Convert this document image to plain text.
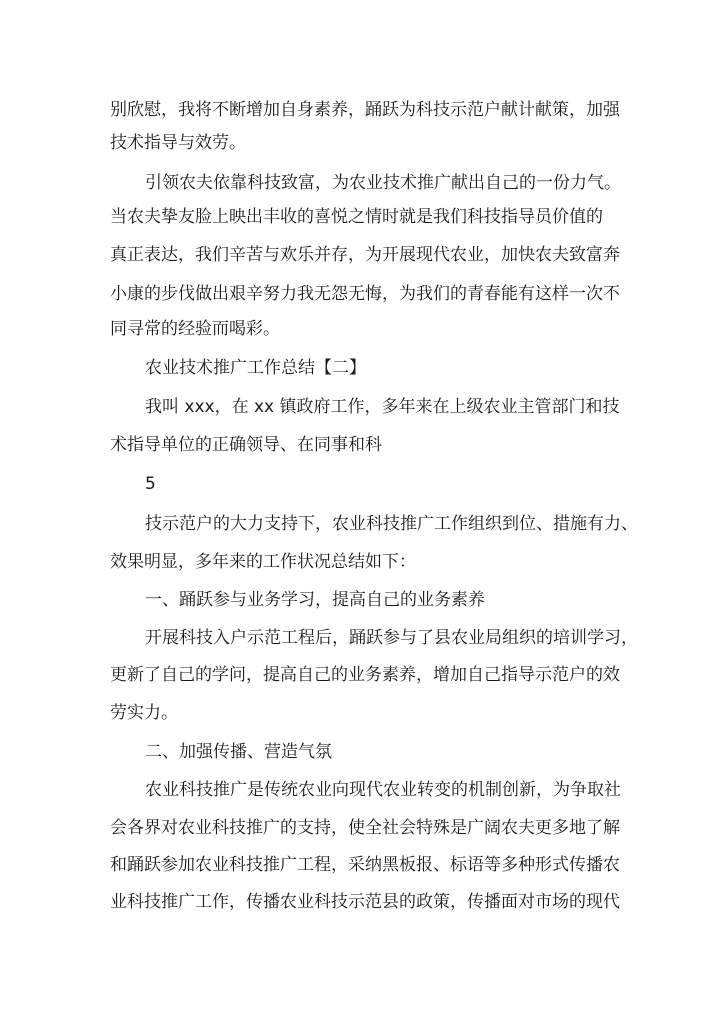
别欣慰，我将不断增加自身素养，踊跃为科技示范户献计献策，加强
技术指导与效劳。
引领农夫依靠科技致富，为农业技术推广献出自己的一份力气。
当农夫挚友脸上映出丰收的喜悦之情时就是我们科技指导员价值的
真正表达，我们辛苦与欢乐并存，为开展现代农业，加快农夫致富奔
小康的步伐做出艰辛努力我无怨无悔，为我们的青春能有这样一次不
同寻常的经验而喝彩。
农业技术推广工作总结【二】
我叫 xxx，在 xx 镇政府工作，多年来在上级农业主管部门和技
术指导单位的正确领导、在同事和科
5
技示范户的大力支持下，农业科技推广工作组织到位、措施有力、
效果明显，多年来的工作状况总结如下：
一、踊跃参与业务学习，提高自己的业务素养
开展科技入户示范工程后，踊跃参与了县农业局组织的培训学习，
更新了自己的学问，提高自己的业务素养，增加自己指导示范户的效
劳实力。
二、加强传播、营造气氛
农业科技推广是传统农业向现代农业转变的机制创新，为争取社
会各界对农业科技推广的支持，使全社会特殊是广阔农夫更多地了解
和踊跃参加农业科技推广工程，采纳黑板报、标语等多种形式传播农
业科技推广工作，传播农业科技示范县的政策，传播面对市场的现代
